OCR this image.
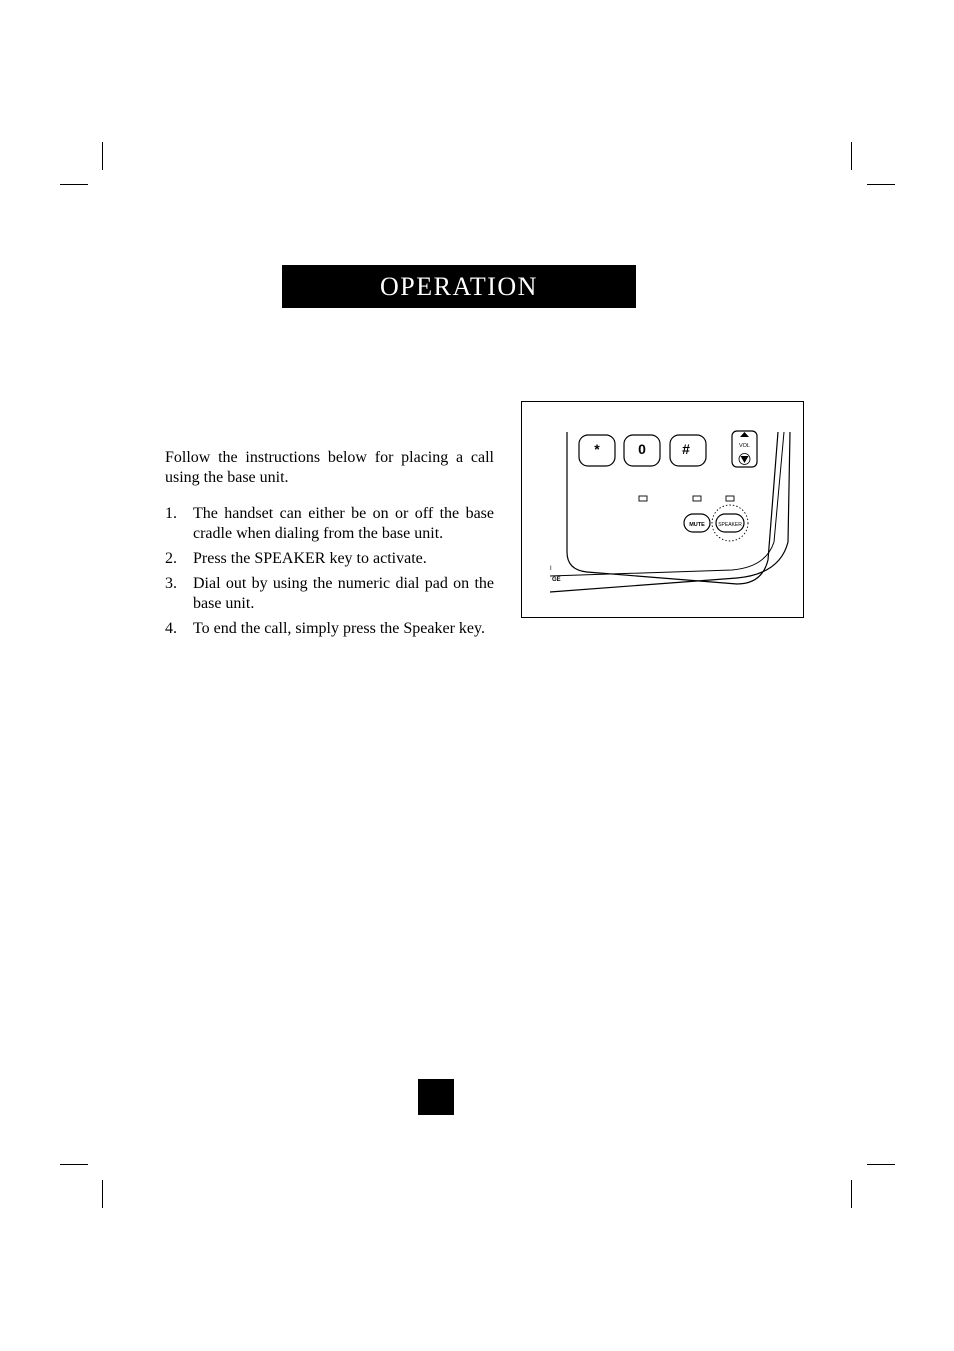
OPERATION

Follow the instructions below for placing a call using the base unit.

1.	The handset can either be on or off the base cradle when dialing from the base unit.
2.	Press the SPEAKER key to activate.
3.	Dial out by using the numeric dial pad on the base unit.
4.	To end the call, simply press the Speaker key.
*	0	#	VOL
MUTE	SPEAKER
I
GE
